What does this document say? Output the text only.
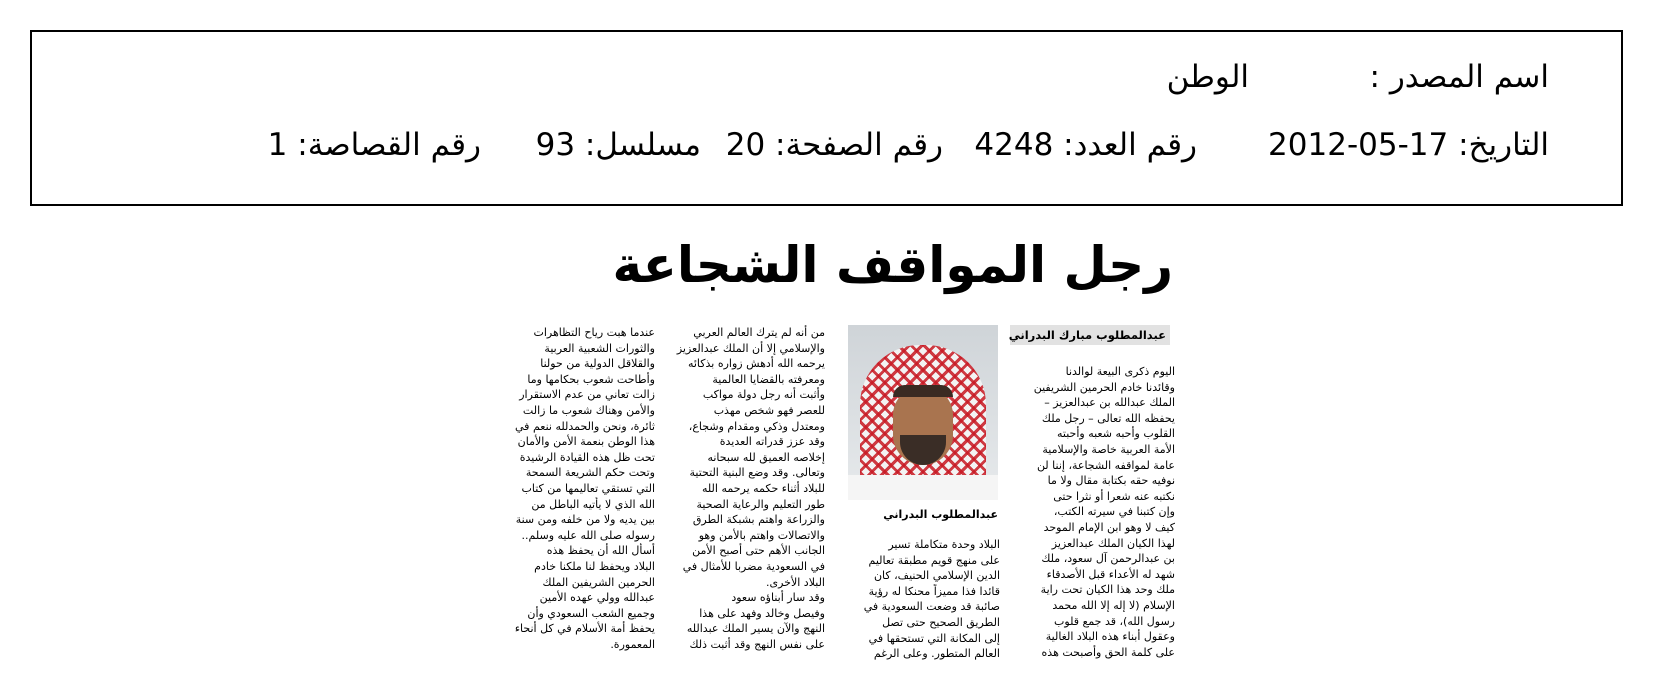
اسم المصدر :
الوطن
التاريخ: 17-05-2012
رقم العدد: 4248
رقم الصفحة: 20
مسلسل: 93
رقم القصاصة: 1
رجل المواقف الشجاعة
عبدالمطلوب مبارك البدراني
عبدالمطلوب البدراني

اليوم ذكرى البيعة لوالدنا
وقائدنا خادم الحرمين الشريفين
الملك عبدالله بن عبدالعزيز –
يحفظه الله تعالى – رجل ملك
القلوب وأحبه شعبه وأحبته
الأمة العربية خاصة والإسلامية
عامة لمواقفه الشجاعة، إننا لن
نوفيه حقه بكتابة مقال ولا ما
نكتبه عنه شعرا أو نثرا حتى
وإن كتبنا في سيرته الكتب،
كيف لا وهو ابن الإمام الموحد
لهذا الكيان الملك عبدالعزيز
بن عبدالرحمن آل سعود، ملك
شهد له الأعداء قبل الأصدقاء
ملك وحد هذا الكيان تحت راية
الإسلام (لا إله إلا الله محمد
رسول الله)، قد جمع قلوب
وعقول أبناء هذه البلاد الغالية
على كلمة الحق وأصبحت هذه

البلاد وحدة متكاملة تسير
على منهج قويم مطبقة تعاليم
الدين الإسلامي الحنيف، كان
قائدا فذا مميزاً محنكا له رؤية
صائبة قد وضعت السعودية في
الطريق الصحيح حتى تصل
إلى المكانة التي تستحقها في
العالم المتطور. وعلى الرغم

من أنه لم يترك العالم العربي
والإسلامي إلا أن الملك عبدالعزيز
يرحمه الله أدهش زواره بذكائه
ومعرفته بالقضايا العالمية
وأثبت أنه رجل دولة مواكب
للعصر فهو شخص مهذب
ومعتدل وذكي ومقدام وشجاع،
وقد عزز قدراته العديدة
إخلاصه العميق لله سبحانه
وتعالى. وقد وضع البنية التحتية
للبلاد أثناء حكمه يرحمه الله
طور التعليم والرعاية الصحية
والزراعة واهتم بشبكة الطرق
والاتصالات واهتم بالأمن وهو
الجانب الأهم حتى أصبح الأمن
في السعودية مضربا للأمثال في
البلاد الأخرى.
وقد سار أبناؤه سعود
وفيصل وخالد وفهد على هذا
النهج والآن يسير الملك عبدالله
على نفس النهج وقد أثبت ذلك

عندما هبت رياح التظاهرات
والثورات الشعبية العربية
والقلاقل الدولية من حولنا
وأطاحت شعوب بحكامها وما
زالت تعاني من عدم الاستقرار
والأمن وهناك شعوب ما زالت
ثائرة، ونحن والحمدلله ننعم في
هذا الوطن بنعمة الأمن والأمان
تحت ظل هذه القيادة الرشيدة
وتحت حكم الشريعة السمحة
التي تستقي تعاليمها من كتاب
الله الذي لا يأتيه الباطل من
بين يديه ولا من خلفه ومن سنة
رسوله صلى الله عليه وسلم..
أسأل الله أن يحفظ هذه
البلاد ويحفظ لنا ملكنا خادم
الحرمين الشريفين الملك
عبدالله وولي عهده الأمين
وجميع الشعب السعودي وأن
يحفظ أمة الأسلام في كل أنحاء
المعمورة.
